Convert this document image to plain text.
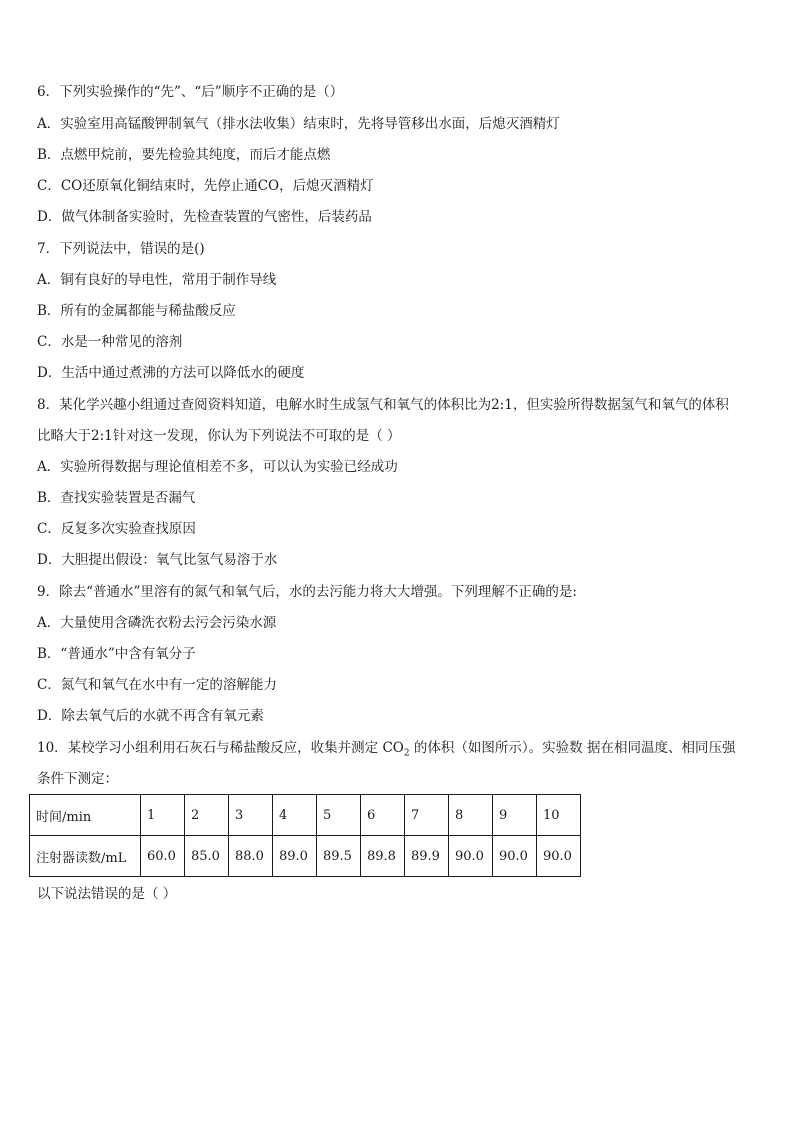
6．下列实验操作的“先”、“后”顺序不正确的是（）
A．实验室用高锰酸钾制氧气（排水法收集）结束时，先将导管移出水面，后熄灭酒精灯
B．点燃甲烷前，要先检验其纯度，而后才能点燃
C．CO还原氧化铜结束时，先停止通CO，后熄灭酒精灯
D．做气体制备实验时，先检查装置的气密性，后装药品
7．下列说法中，错误的是()
A．铜有良好的导电性，常用于制作导线
B．所有的金属都能与稀盐酸反应
C．水是一种常见的溶剂
D．生活中通过煮沸的方法可以降低水的硬度
8．某化学兴趣小组通过查阅资料知道，电解水时生成氢气和氧气的体积比为2:1，但实验所得数据氢气和氧气的体积
比略大于2:1针对这一发现，你认为下列说法不可取的是（ ）
A．实验所得数据与理论值相差不多，可以认为实验已经成功
B．查找实验装置是否漏气
C．反复多次实验查找原因
D．大胆提出假设：氧气比氢气易溶于水
9．除去“普通水”里溶有的氮气和氧气后，水的去污能力将大大增强。下列理解不正确的是:
A．大量使用含磷洗衣粉去污会污染水源
B．“普通水”中含有氧分子
C．氮气和氧气在水中有一定的溶解能力
D．除去氧气后的水就不再含有氧元素
10．某校学习小组利用石灰石与稀盐酸反应，收集并测定 $CO_2$ 的体积（如图所示）。实验数 据在相同温度、相同压强
条件下测定：
时间/min	1	2	3	4	5	6	7	8	9	10
注射器读数/mL	60.0	85.0	88.0	89.0	89.5	89.8	89.9	90.0	90.0	90.0
以下说法错误的是（ ）
